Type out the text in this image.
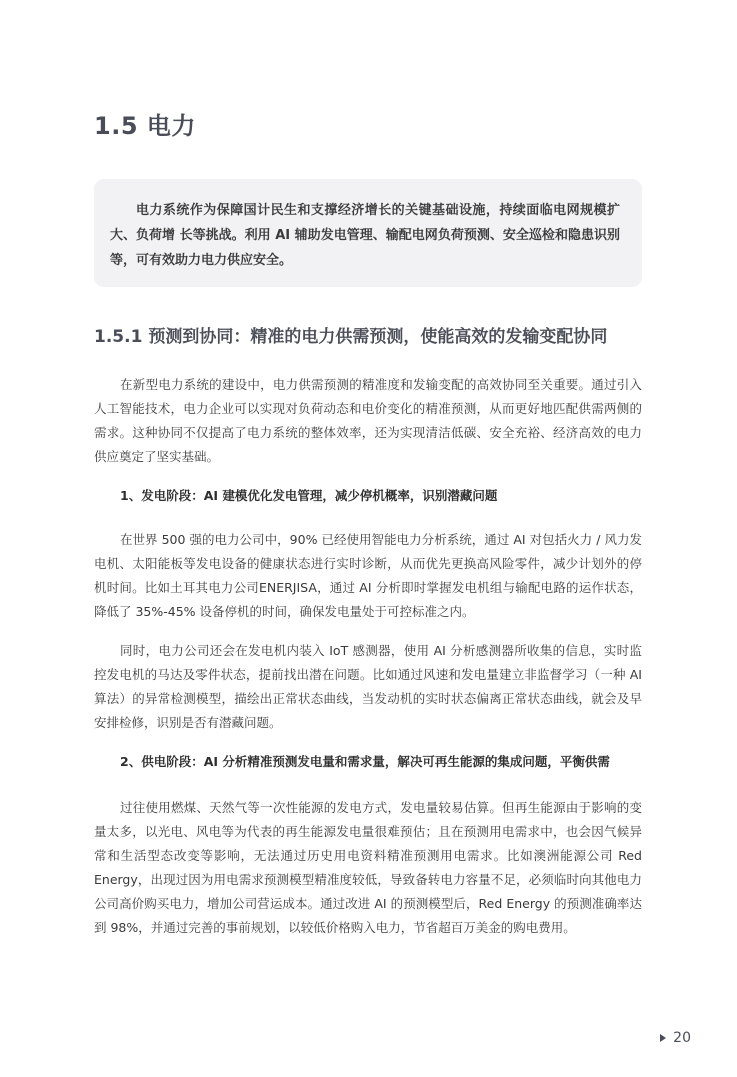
1.5 电力

电力系统作为保障国计民生和支撑经济增长的关键基础设施，持续面临电网规模扩大、负荷增 长等挑战。利用 AI 辅助发电管理、输配电网负荷预测、安全巡检和隐患识别等，可有效助力电力供应安全。

1.5.1 预测到协同：精准的电力供需预测，使能高效的发输变配协同

在新型电力系统的建设中，电力供需预测的精准度和发输变配的高效协同至关重要。通过引入人工智能技术，电力企业可以实现对负荷动态和电价变化的精准预测，从而更好地匹配供需两侧的需求。这种协同不仅提高了电力系统的整体效率，还为实现清洁低碳、安全充裕、经济高效的电力供应奠定了坚实基础。

1、发电阶段：AI 建模优化发电管理，减少停机概率，识别潜藏问题

在世界 500 强的电力公司中，90% 已经使用智能电力分析系统，通过 AI 对包括火力 / 风力发电机、太阳能板等发电设备的健康状态进行实时诊断，从而优先更换高风险零件，减少计划外的停机时间。比如土耳其电力公司ENERJISA，通过 AI 分析即时掌握发电机组与输配电路的运作状态，降低了 35%-45% 设备停机的时间，确保发电量处于可控标准之内。

同时，电力公司还会在发电机内装入 IoT 感测器，使用 AI 分析感测器所收集的信息，实时监控发电机的马达及零件状态，提前找出潜在问题。比如通过风速和发电量建立非监督学习（一种 AI 算法）的异常检测模型，描绘出正常状态曲线，当发动机的实时状态偏离正常状态曲线，就会及早安排检修，识别是否有潜藏问题。

2、供电阶段：AI 分析精准预测发电量和需求量，解决可再生能源的集成问题，平衡供需

过往使用燃煤、天然气等一次性能源的发电方式，发电量较易估算。但再生能源由于影响的变量太多，以光电、风电等为代表的再生能源发电量很难预估；且在预测用电需求中，也会因气候异常和生活型态改变等影响，无法通过历史用电资料精准预测用电需求。比如澳洲能源公司 Red Energy，出现过因为用电需求预测模型精准度较低，导致备转电力容量不足，必须临时向其他电力公司高价购买电力，增加公司营运成本。通过改进 AI 的预测模型后，Red Energy 的预测准确率达到 98%，并通过完善的事前规划，以较低价格购入电力，节省超百万美金的购电费用。

20
